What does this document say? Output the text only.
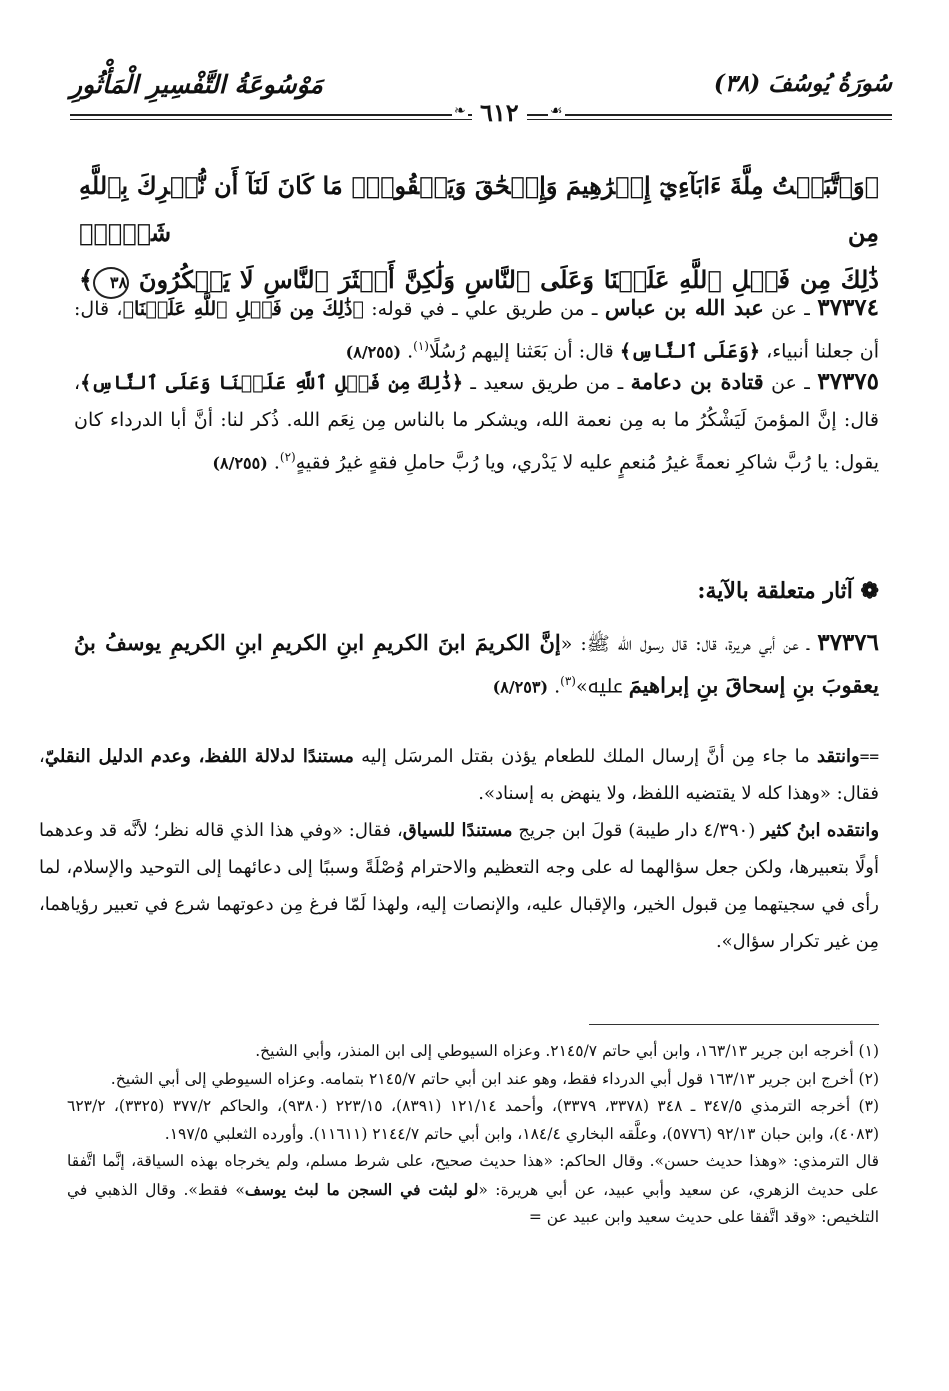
سُورَةُ يُوسُفَ (٣٨)
مَوْسُوعَةُ التَّفْسِيرِ الْمَأْثُورِ
❧ ٦١٢	☙

﴿وَٱتَّبَعۡتُ مِلَّةَ ءَابَآءِيٓ إِبۡرَٰهِيمَ وَإِسۡحَٰقَ وَيَعۡقُوبَۚ مَا كَانَ لَنَآ أَن نُّشۡرِكَ بِٱللَّهِ مِن شَيۡءٖۚ

ذَٰلِكَ مِن فَضۡلِ ٱللَّهِ عَلَيۡنَا وَعَلَى ٱلنَّاسِ وَلَٰكِنَّ أَكۡثَرَ ٱلنَّاسِ لَا يَشۡكُرُونَ ٣٨﴾

٣٧٣٧٤ ـ عن عبد الله بن عباس ـ من طريق علي ـ في قوله: ﴿ذَٰلِكَ مِن فَضۡلِ ٱللَّهِ عَلَيۡنَا﴾، قال: أن جعلنا أنبياء، ﴿وَعَلَى ٱلنَّاسِ﴾ قال: أن بَعَثنا إليهم رُسُلًا$^{(١)}$. (٨/٢٥٥)

٣٧٣٧٥ ـ عن قتادة بن دعامة ـ من طريق سعيد ـ ﴿ذَٰلِكَ مِن فَضۡلِ ٱللَّهِ عَلَيۡنَا وَعَلَى ٱلنَّاسِ﴾، قال: إنَّ المؤمنَ لَيَشْكُرُ ما به مِن نعمة الله، ويشكر ما بالناس مِن نِعَم الله. ذُكر لنا: أنَّ أبا الدرداء كان يقول: يا رُبَّ شاكرِ نعمةً غيرُ مُنعمٍ عليه لا يَدْري، ويا رُبَّ حاملِ فقهٍ غيرُ فقيهٍ$^{(٢)}$. (٨/٢٥٥)

❁ آثار متعلقة بالآية:

٣٧٣٧٦ ـ عن أبي هريرة، قال: قال رسول الله ﷺ: «إنَّ الكريمَ ابنَ الكريمِ ابنِ الكريمِ ابنِ الكريمِ يوسفُ بنُ يعقوبَ بنِ إسحاقَ بنِ إبراهيمَ ﷷ»$^{(٣)}$. (٨/٢٥٣)

==وانتقد ما جاء مِن أنَّ إرسال الملك للطعام يؤذن بقتل المرسَل إليه مستندًا لدلالة اللفظ، وعدم الدليل النقليّ، فقال: «وهذا كله لا يقتضيه اللفظ، ولا ينهض به إسناد».

وانتقده ابنُ كثير (٤/٣٩٠ دار طيبة) قولَ ابن جريج مستندًا للسياق، فقال: «وفي هذا الذي قاله نظر؛ لأنَّه قد وعدهما أولًا بتعبيرها، ولكن جعل سؤالهما له على وجه التعظيم والاحترام وُصْلَةً وسببًا إلى دعائهما إلى التوحيد والإسلام، لما رأى في سجيتهما مِن قبول الخير، والإقبال عليه، والإنصات إليه، ولهذا لَمّا فرغ مِن دعوتهما شرع في تعبير رؤياهما، مِن غير تكرار سؤال».

(١) أخرجه ابن جرير ١٦٣/١٣، وابن أبي حاتم ٢١٤٥/٧. وعزاه السيوطي إلى ابن المنذر، وأبي الشيخ.

(٢) أخرج ابن جرير ١٦٣/١٣ قول أبي الدرداء فقط، وهو عند ابن أبي حاتم ٢١٤٥/٧ بتمامه. وعزاه السيوطي إلى أبي الشيخ.

(٣) أخرجه الترمذي ٣٤٧/٥ ـ ٣٤٨ (٣٣٧٨، ٣٣٧٩)، وأحمد ١٢١/١٤ (٨٣٩١)، ٢٢٣/١٥ (٩٣٨٠)، والحاكم ٣٧٧/٢ (٣٣٢٥)، ٦٢٣/٢ (٤٠٨٣)، وابن حبان ٩٢/١٣ (٥٧٧٦)، وعلَّقه البخاري ١٨٤/٤، وابن أبي حاتم ٢١٤٤/٧ (١١٦١١). وأورده الثعلبي ١٩٧/٥.

قال الترمذي: «وهذا حديث حسن». وقال الحاكم: «هذا حديث صحيح، على شرط مسلم، ولم يخرجاه بهذه السياقة، إنَّما اتَّفقا على حديث الزهري، عن سعيد وأبي عبيد، عن أبي هريرة: «لو لبثت في السجن ما لبث يوسف» فقط». وقال الذهبي في التلخيص: «وقد اتَّفقا على حديث سعيد وابن عبيد عن =
